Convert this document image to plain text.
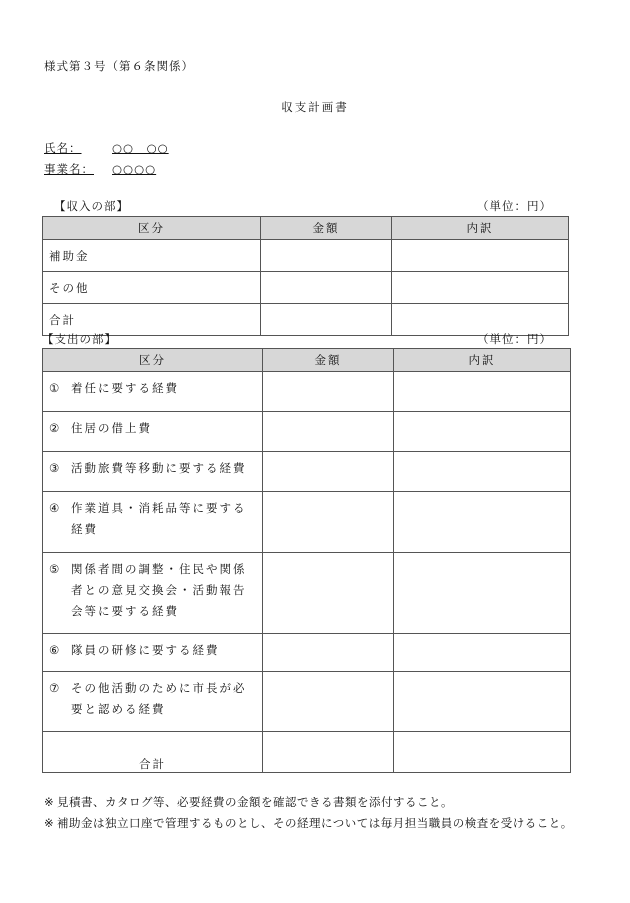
様式第３号（第６条関係）
収支計画書
氏名：	○○　○○
事業名： ○○○○
【収入の部】	（単位：円）
区分	金額	内訳
補助金		
その他		
合計		
【支出の部】	（単位：円）
区分	金額	内訳

① 着任に要する経費		

② 住居の借上費		

③ 活動旅費等移動に要する経費		

④ 作業道具・消耗品等に要する経費		

⑤ 関係者間の調整・住民や関係者との意見交換会・活動報告会等に要する経費		

⑥ 隊員の研修に要する経費		

⑦ その他活動のために市長が必要と認める経費		

合計		
※ 見積書、カタログ等、必要経費の金額を確認できる書類を添付すること。
※ 補助金は独立口座で管理するものとし、その経理については毎月担当職員の検査を受けること。
